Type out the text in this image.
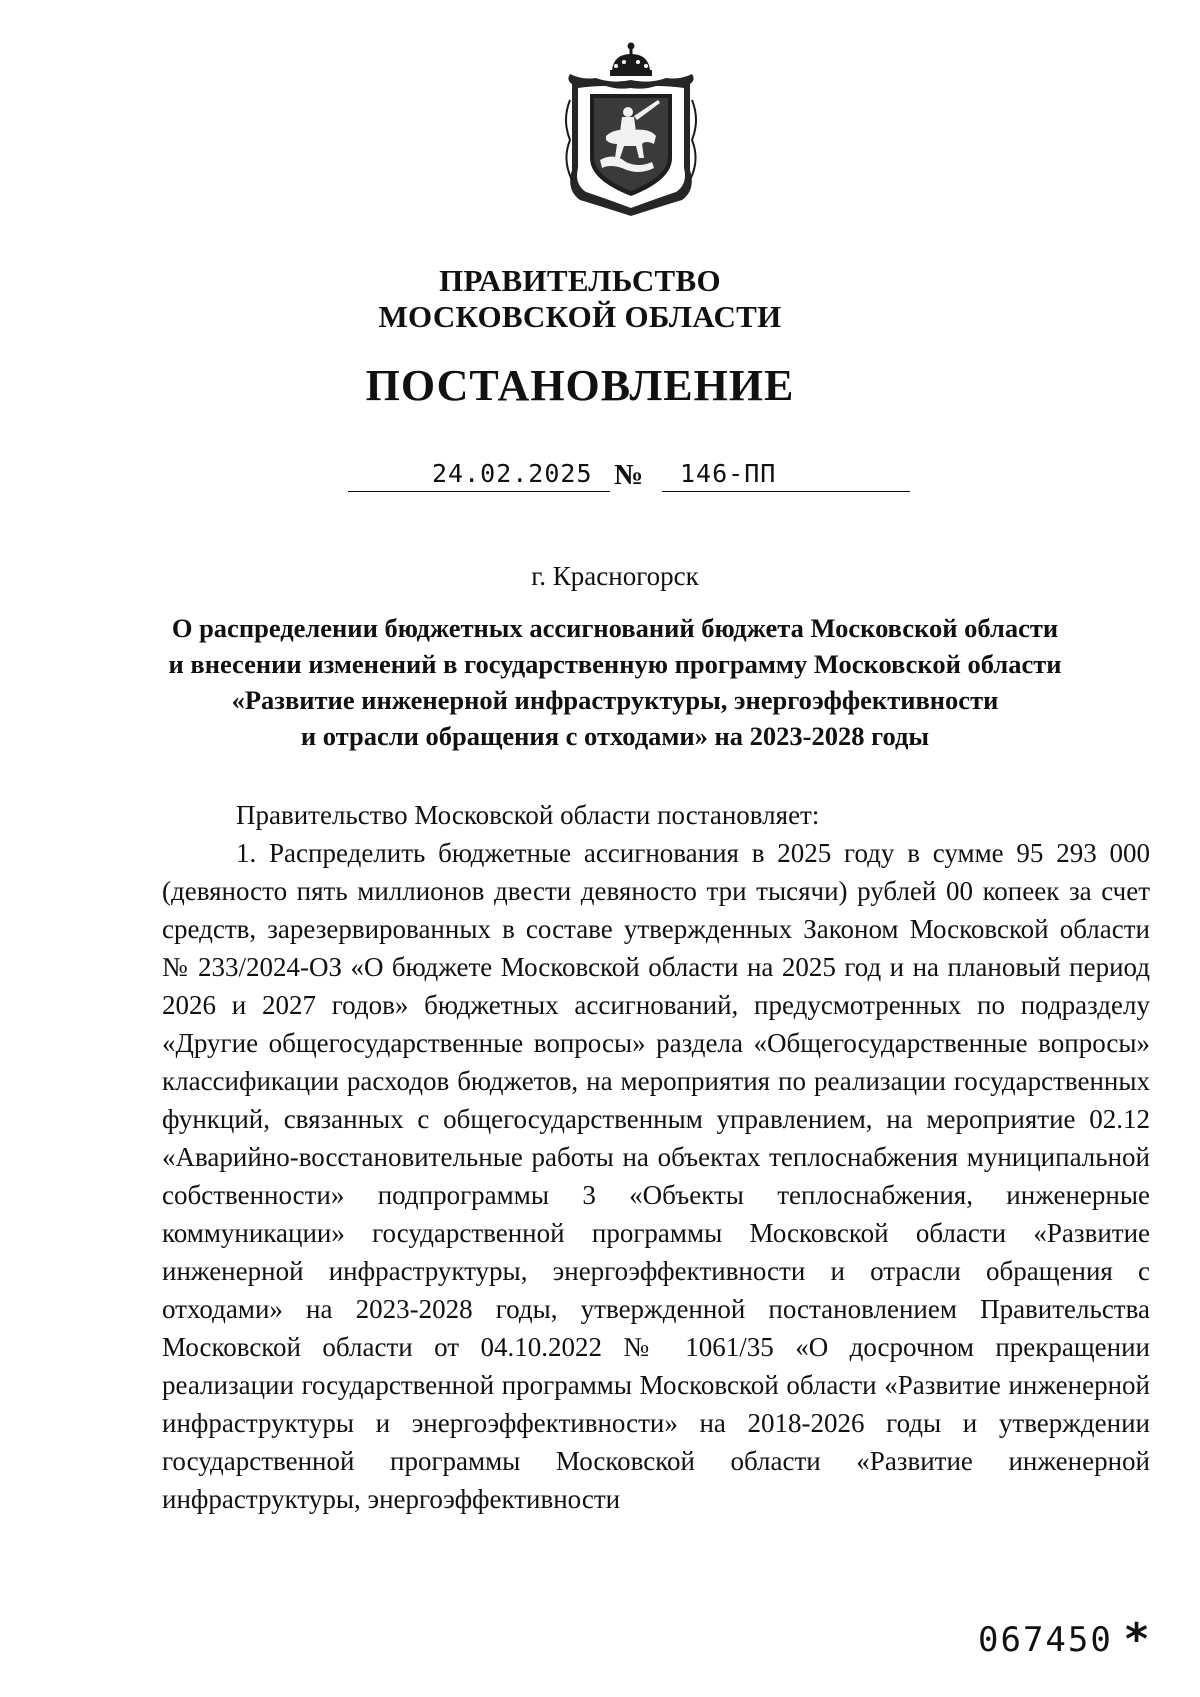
ПРАВИТЕЛЬСТВО
МОСКОВСКОЙ ОБЛАСТИ
ПОСТАНОВЛЕНИЕ
24.02.2025 № 146-ПП
г. Красногорск
О распределении бюджетных ассигнований бюджета Московской области
и внесении изменений в государственную программу Московской области
«Развитие инженерной инфраструктуры, энергоэффективности
и отрасли обращения с отходами» на 2023-2028 годы

Правительство Московской области постановляет:

1. Распределить бюджетные ассигнования в 2025 году в сумме 95 293 000 (девяносто пять миллионов двести девяносто три тысячи) рублей 00 копеек за счет средств, зарезервированных в составе утвержденных Законом Московской области № 233/2024-ОЗ «О бюджете Московской области на 2025 год и на плановый период 2026 и 2027 годов» бюджетных ассигнований, предусмотренных по подразделу «Другие общегосударственные вопросы» раздела «Общегосударственные вопросы» классификации расходов бюджетов, на мероприятия по реализации государственных функций, связанных с общегосударственным управлением, на мероприятие 02.12 «Аварийно-восстановительные работы на объектах теплоснабжения муниципальной собственности» подпрограммы 3 «Объекты теплоснабжения, инженерные коммуникации» государственной программы Московской области «Развитие инженерной инфраструктуры, энергоэффективности и отрасли обращения с отходами» на 2023-2028 годы, утвержденной постановлением Правительства Московской области от 04.10.2022 № 1061/35 «О досрочном прекращении реализации государственной программы Московской области «Развитие инженерной инфраструктуры и энергоэффективности» на 2018-2026 годы и утверждении государственной программы Московской области «Развитие инженерной инфраструктуры, энергоэффективности

067450 *
